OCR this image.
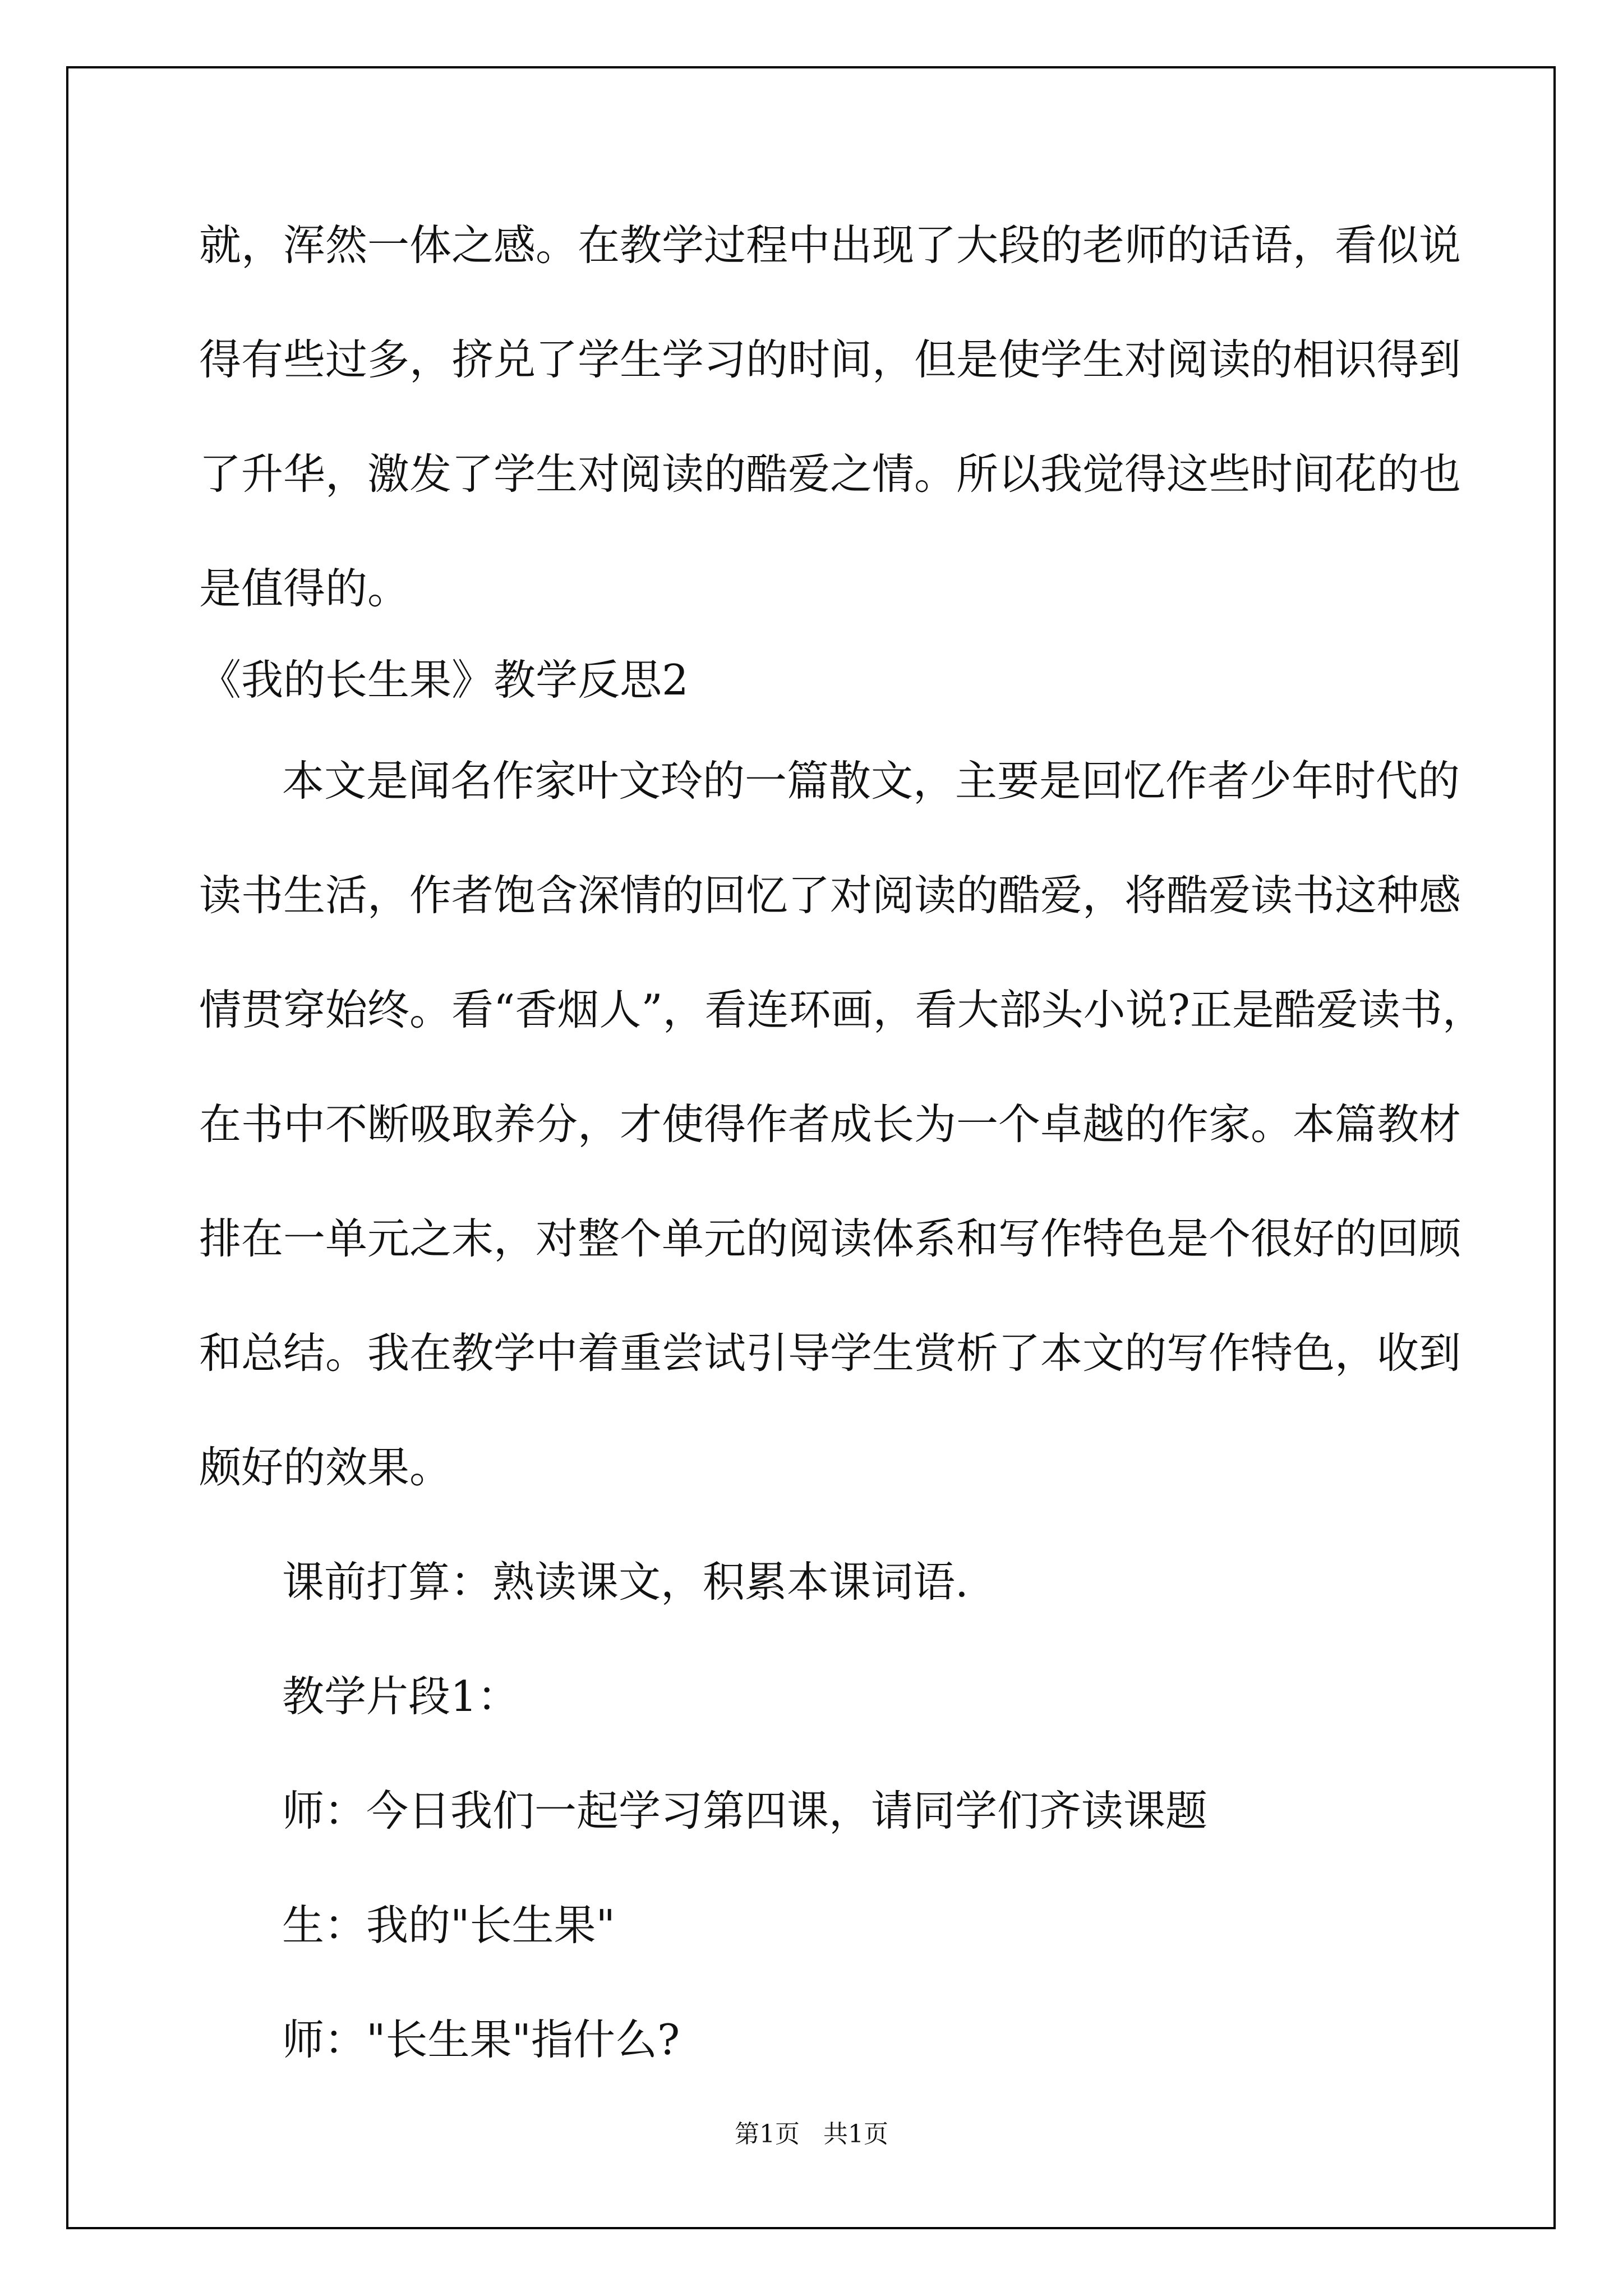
就，浑然一体之感。在教学过程中出现了大段的老师的话语，看似说
得有些过多，挤兑了学生学习的时间，但是使学生对阅读的相识得到
了升华，激发了学生对阅读的酷爱之情。所以我觉得这些时间花的也
是值得的。
《我的长生果》教学反思2
本文是闻名作家叶文玲的一篇散文，主要是回忆作者少年时代的
读书生活，作者饱含深情的回忆了对阅读的酷爱，将酷爱读书这种感
情贯穿始终。看“香烟人”，看连环画，看大部头小说?正是酷爱读书，
在书中不断吸取养分，才使得作者成长为一个卓越的作家。本篇教材
排在一单元之末，对整个单元的阅读体系和写作特色是个很好的回顾
和总结。我在教学中着重尝试引导学生赏析了本文的写作特色，收到
颇好的效果。
课前打算：熟读课文，积累本课词语.
教学片段1：
师：今日我们一起学习第四课，请同学们齐读课题
生：我的"长生果"
师："长生果"指什么?
第1页 共1页
